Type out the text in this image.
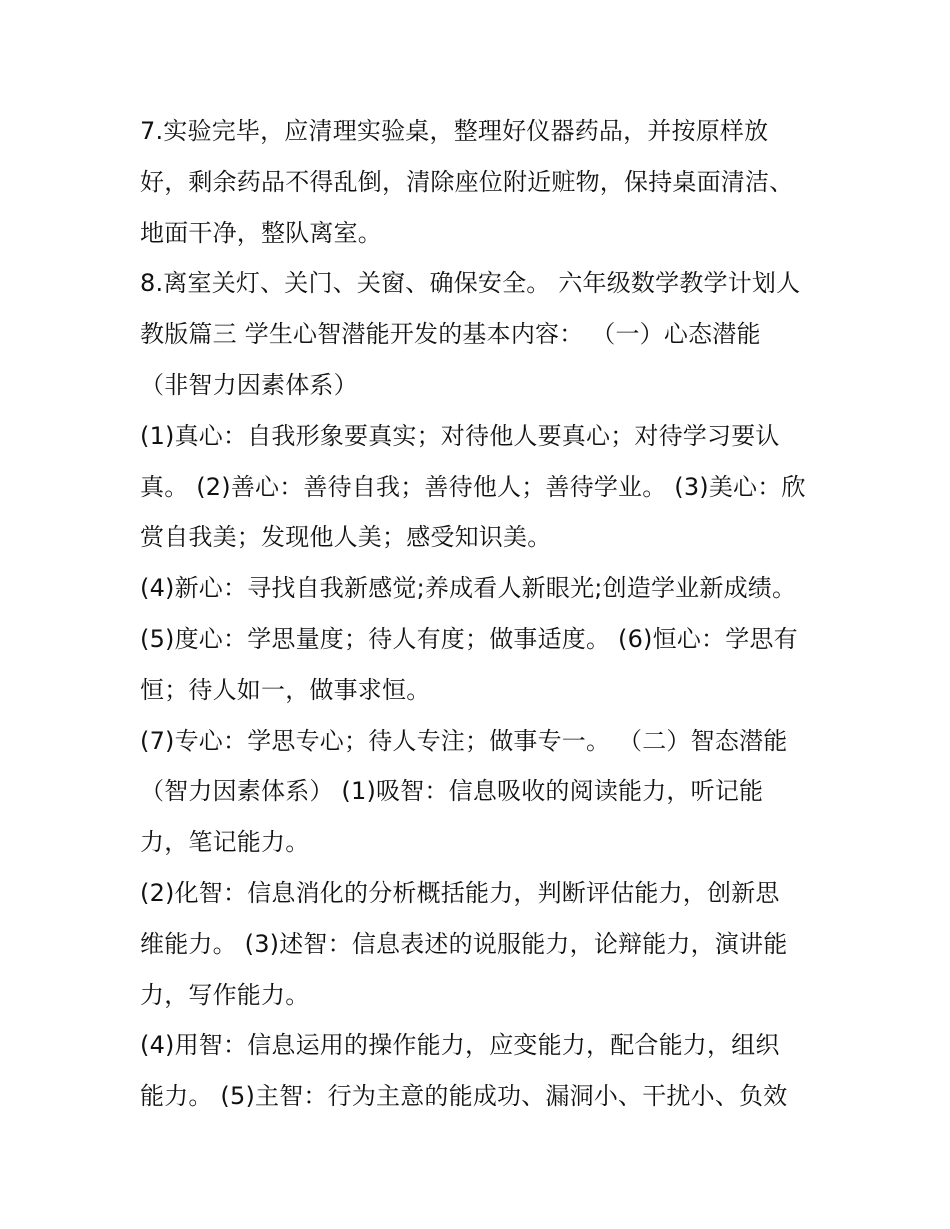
7.实验完毕，应清理实验桌，整理好仪器药品，并按原样放
好，剩余药品不得乱倒，清除座位附近赃物，保持桌面清洁、
地面干净，整队离室。
8.离室关灯、关门、关窗、确保安全。 六年级数学教学计划人
教版篇三 学生心智潜能开发的基本内容： （一）心态潜能
（非智力因素体系）
(1)真心：自我形象要真实；对待他人要真心；对待学习要认
真。 (2)善心：善待自我；善待他人；善待学业。 (3)美心：欣
赏自我美；发现他人美；感受知识美。
(4)新心：寻找自我新感觉;养成看人新眼光;创造学业新成绩。
(5)度心：学思量度；待人有度；做事适度。 (6)恒心：学思有
恒；待人如一，做事求恒。
(7)专心：学思专心；待人专注；做事专一。 （二）智态潜能
（智力因素体系） (1)吸智：信息吸收的阅读能力，听记能
力，笔记能力。
(2)化智：信息消化的分析概括能力，判断评估能力，创新思
维能力。 (3)述智：信息表述的说服能力，论辩能力，演讲能
力，写作能力。
(4)用智：信息运用的操作能力，应变能力，配合能力，组织
能力。 (5)主智：行为主意的能成功、漏洞小、干扰小、负效
